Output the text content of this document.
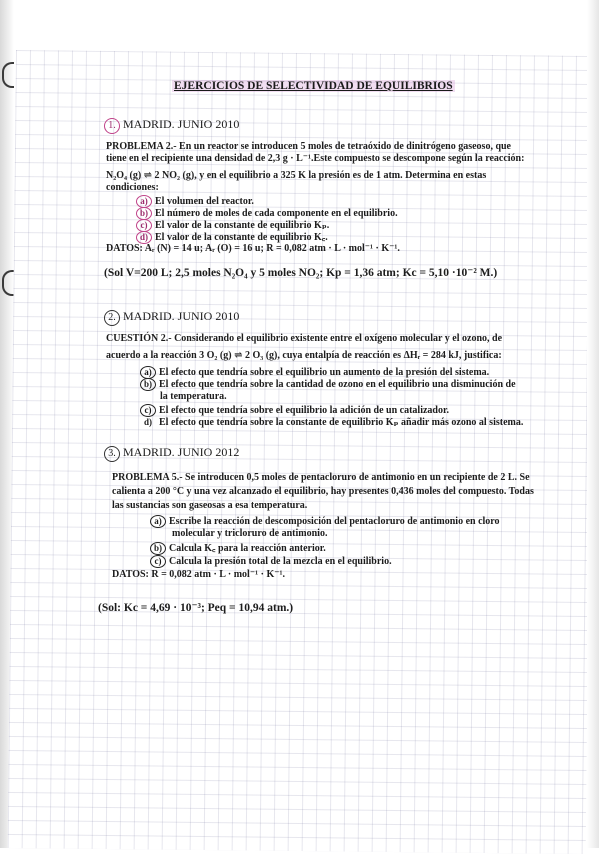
EJERCICIOS DE SELECTIVIDAD DE EQUILIBRIOS
1. MADRID. JUNIO 2010
PROBLEMA 2.- En un reactor se introducen 5 moles de tetraóxido de dinitrógeno gaseoso, que
tiene en el recipiente una densidad de 2,3 g · L⁻¹.Este compuesto se descompone según la reacción:
N₂O₄ (g) ⇌ 2 NO₂ (g), y en el equilibrio a 325 K la presión es de 1 atm. Determina en estas
condiciones:
a) El volumen del reactor.
b) El número de moles de cada componente en el equilibrio.
c) El valor de la constante de equilibrio Kₚ.
d) El valor de la constante de equilibrio K꜀.
DATOS: Aᵣ (N) = 14 u; Aᵣ (O) = 16 u; R = 0,082 atm · L · mol⁻¹ · K⁻¹.
(Sol V=200 L; 2,5 moles N₂O₄ y 5 moles NO₂; Kp = 1,36 atm; Kc = 5,10 ·10⁻² M.)
2. MADRID. JUNIO 2010
CUESTIÓN 2.- Considerando el equilibrio existente entre el oxígeno molecular y el ozono, de
acuerdo a la reacción 3 O₂ (g) ⇌ 2 O₃ (g), cuya entalpía de reacción es ΔHᵣ = 284 kJ, justifica:
a) El efecto que tendría sobre el equilibrio un aumento de la presión del sistema.
b) El efecto que tendría sobre la cantidad de ozono en el equilibrio una disminución de
la temperatura.
c) El efecto que tendría sobre el equilibrio la adición de un catalizador.
d) El efecto que tendría sobre la constante de equilibrio Kₚ añadir más ozono al sistema.
3. MADRID. JUNIO 2012
PROBLEMA 5.- Se introducen 0,5 moles de pentacloruro de antimonio en un recipiente de 2 L. Se
calienta a 200 °C y una vez alcanzado el equilibrio, hay presentes 0,436 moles del compuesto. Todas
las sustancias son gaseosas a esa temperatura.
a) Escribe la reacción de descomposición del pentacloruro de antimonio en cloro
molecular y tricloruro de antimonio.
b) Calcula K꜀ para la reacción anterior.
c) Calcula la presión total de la mezcla en el equilibrio.
DATOS: R = 0,082 atm · L · mol⁻¹ · K⁻¹.
(Sol: Kc = 4,69 · 10⁻³; Peq = 10,94 atm.)
